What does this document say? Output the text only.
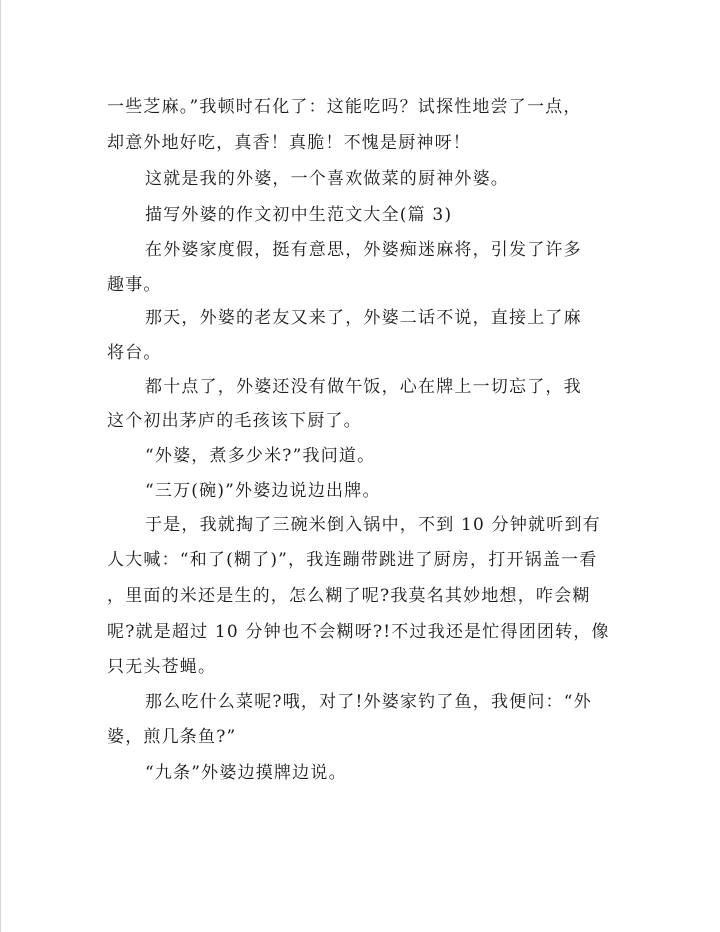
一些芝麻。”我顿时石化了：这能吃吗？试探性地尝了一点，
却意外地好吃，真香！真脆！不愧是厨神呀！
这就是我的外婆，一个喜欢做菜的厨神外婆。
描写外婆的作文初中生范文大全(篇 3)
在外婆家度假，挺有意思，外婆痴迷麻将，引发了许多
趣事。
那天，外婆的老友又来了，外婆二话不说，直接上了麻
将台。
都十点了，外婆还没有做午饭，心在牌上一切忘了，我
这个初出茅庐的毛孩该下厨了。
“外婆，煮多少米?”我问道。
“三万(碗)”外婆边说边出牌。
于是，我就掏了三碗米倒入锅中，不到 10 分钟就听到有
人大喊：“和了(糊了)”，我连蹦带跳进了厨房，打开锅盖一看
，里面的米还是生的，怎么糊了呢?我莫名其妙地想，咋会糊
呢?就是超过 10 分钟也不会糊呀?!不过我还是忙得团团转，像
只无头苍蝇。
那么吃什么菜呢?哦，对了!外婆家钓了鱼，我便问：“外
婆，煎几条鱼?”
“九条”外婆边摸牌边说。
